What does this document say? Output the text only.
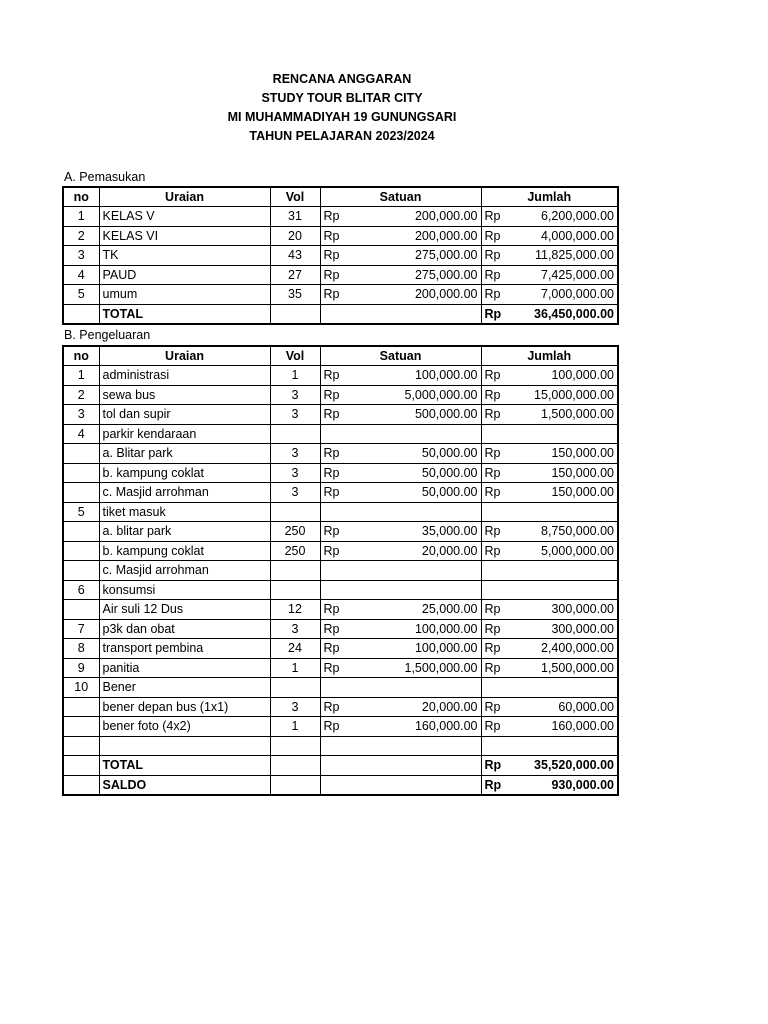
RENCANA ANGGARAN
STUDY TOUR BLITAR CITY
MI MUHAMMADIYAH 19 GUNUNGSARI
TAHUN PELAJARAN 2023/2024
A. Pemasukan
no	Uraian	Vol	Satuan		Jumlah	
1	KELAS V	31	Rp	200,000.00	Rp	6,200,000.00
2	KELAS VI	20	Rp	200,000.00	Rp	4,000,000.00
3	TK	43	Rp	275,000.00	Rp	11,825,000.00
4	PAUD	27	Rp	275,000.00	Rp	7,425,000.00
5	umum	35	Rp	200,000.00	Rp	7,000,000.00
	TOTAL				Rp	36,450,000.00
B. Pengeluaran
no	Uraian	Vol	Satuan		Jumlah	
1	administrasi	1	Rp	100,000.00	Rp	100,000.00
2	sewa bus	3	Rp	5,000,000.00	Rp	15,000,000.00
3	tol dan supir	3	Rp	500,000.00	Rp	1,500,000.00
4	parkir kendaraan					
	a. Blitar park	3	Rp	50,000.00	Rp	150,000.00
	b. kampung coklat	3	Rp	50,000.00	Rp	150,000.00
	c. Masjid arrohman	3	Rp	50,000.00	Rp	150,000.00
5	tiket masuk					
	a. blitar park	250	Rp	35,000.00	Rp	8,750,000.00
	b. kampung coklat	250	Rp	20,000.00	Rp	5,000,000.00
	c. Masjid arrohman					
6	konsumsi					
	Air suli 12 Dus	12	Rp	25,000.00	Rp	300,000.00
7	p3k dan obat	3	Rp	100,000.00	Rp	300,000.00
8	transport pembina	24	Rp	100,000.00	Rp	2,400,000.00
9	panitia	1	Rp	1,500,000.00	Rp	1,500,000.00
10	Bener					
	bener depan bus (1x1)	3	Rp	20,000.00	Rp	60,000.00
	bener foto (4x2)	1	Rp	160,000.00	Rp	160,000.00

	TOTAL				Rp	35,520,000.00
	SALDO				Rp	930,000.00
